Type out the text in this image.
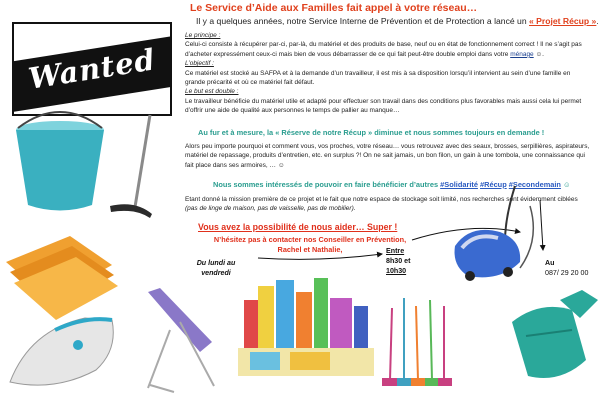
Wanted
Le Service d’Aide aux Familles fait appel à votre réseau…
Il y a quelques années, notre Service Interne de Prévention et de Protection a lancé un « Projet Récup ».
Le principe :
Celui-ci consiste à récupérer par-ci, par-là, du matériel et des produits de base, neuf ou en état de fonctionnement correct ! Il ne s’agit pas d’acheter expressément ceux-ci mais bien de vous débarrasser de ce qui fait peut-être double emploi dans votre ménage ☺.
L’objectif :
Ce matériel est stocké au SAFPA et à la demande d’un travailleur, il est mis à sa disposition lorsqu’il intervient au sein d’une famille en grande précarité et où ce matériel fait défaut.
Le but est double :
Le travailleur bénéficie du matériel utile et adapté pour effectuer son travail dans des conditions plus favorables mais aussi cela lui permet d’offrir une aide de qualité aux personnes le temps de pallier au manque…
Au fur et à mesure, la « Réserve de notre Récup » diminue et nous sommes toujours en demande !
Alors peu importe pourquoi et comment vous, vos proches, votre réseau… vous retrouvez avec des seaux, brosses, serpillières, aspirateurs, matériel de repassage, produits d’entretien, etc. en surplus ?! On ne sait jamais, un bon filon, un gain à une tombola, une connaissance qui fait place dans ses armoires, … ☺
Nous sommes intéressés de pouvoir en faire bénéficier d’autres #Solidarité #Récup #Secondemain ☺
Etant donné la mission première de ce projet et le fait que notre espace de stockage soit limité, nos recherches sont évidemment ciblées (pas de linge de maison, pas de vaisselle, pas de mobilier).
Vous avez la possibilité de nous aider… Super !
N’hésitez pas à contacter nos Conseiller en Prévention,
Rachel et Nathalie,
Du lundi au
vendredi
Entre
8h30 et
10h30
Au
087/ 29 20 00
